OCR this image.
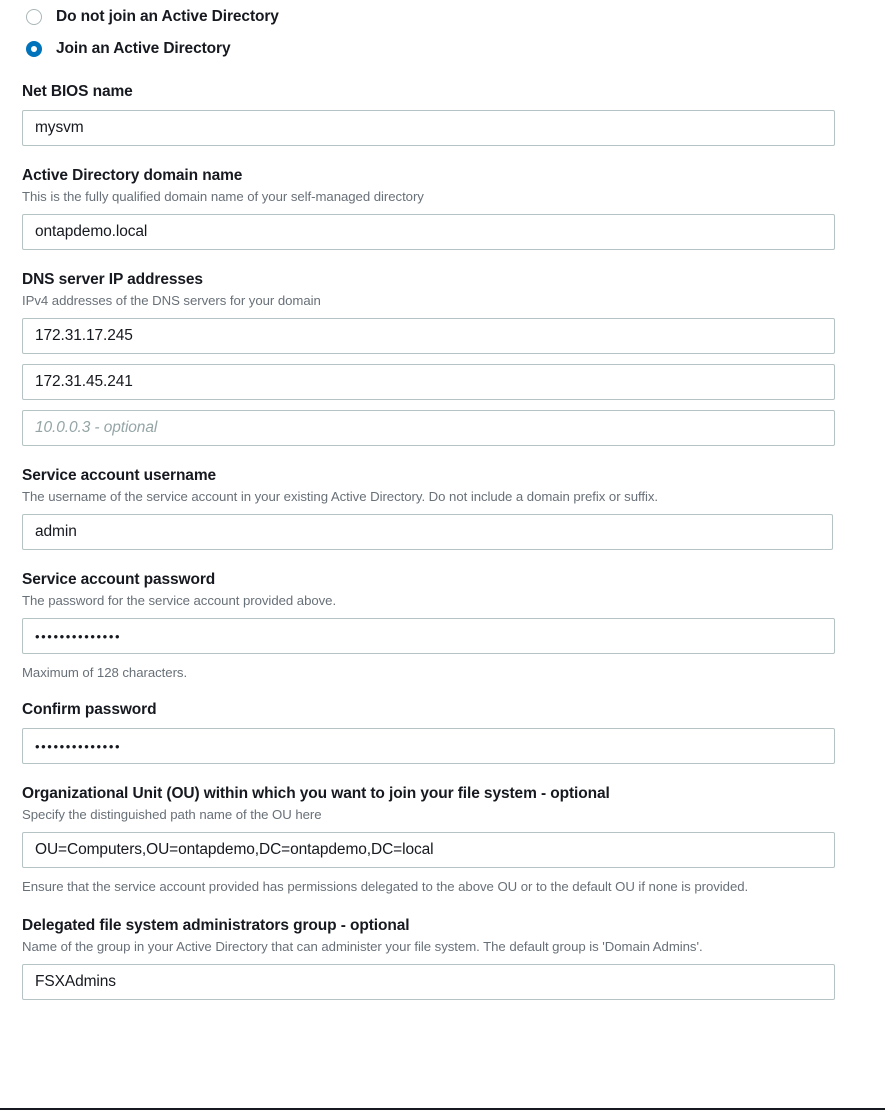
Do not join an Active Directory
Join an Active Directory
Net BIOS name
mysvm
Active Directory domain name
This is the fully qualified domain name of your self-managed directory
ontapdemo.local
DNS server IP addresses
IPv4 addresses of the DNS servers for your domain
172.31.17.245
172.31.45.241
10.0.0.3 - optional
Service account username
The username of the service account in your existing Active Directory. Do not include a domain prefix or suffix.
admin
Service account password
The password for the service account provided above.
••••••••••••••
Maximum of 128 characters.
Confirm password
••••••••••••••
Organizational Unit (OU) within which you want to join your file system - optional
Specify the distinguished path name of the OU here
OU=Computers,OU=ontapdemo,DC=ontapdemo,DC=local
Ensure that the service account provided has permissions delegated to the above OU or to the default OU if none is provided.
Delegated file system administrators group - optional
Name of the group in your Active Directory that can administer your file system. The default group is 'Domain Admins'.
FSXAdmins
